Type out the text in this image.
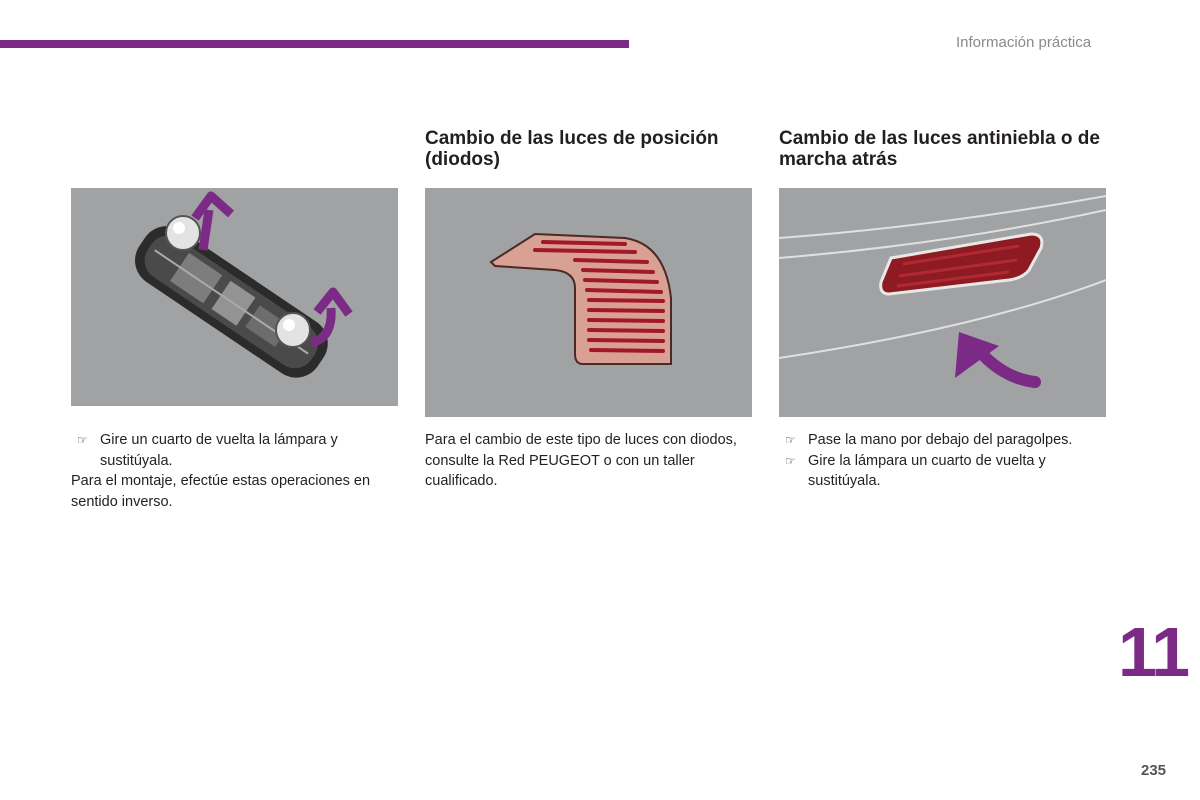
Información práctica

☞ Gire un cuarto de vuelta la lámpara y sustitúyala.

Para el montaje, efectúe estas operaciones en sentido inverso.

Cambio de las luces de posición (diodos)

Para el cambio de este tipo de luces con diodos, consulte la Red PEUGEOT o con un taller cualificado.

Cambio de las luces antiniebla o de marcha atrás

☞ Pase la mano por debajo del paragolpes.

☞ Gire la lámpara un cuarto de vuelta y sustitúyala.

11
235
